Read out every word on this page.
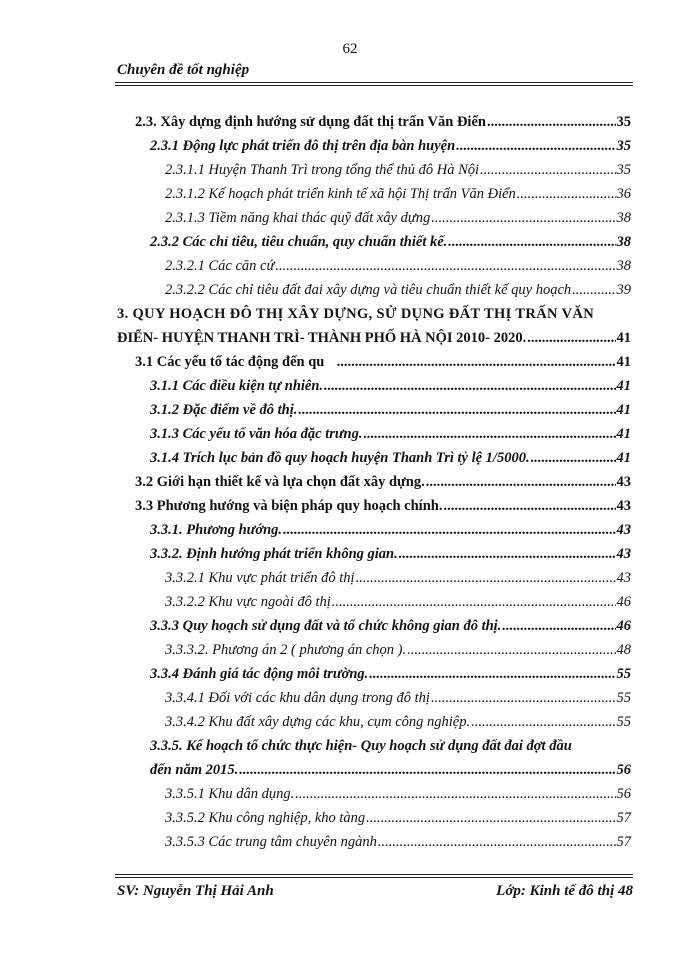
62
Chuyên đề tốt nghiệp
2.3. Xây dựng định hướng sử dụng đất thị trấn Văn Điển .....	35
2.3.1 Động lực phát triển đô thị trên địa bàn huyện .....	35
2.3.1.1 Huyện Thanh Trì trong tổng thể thủ đô Hà Nội .....	35
2.3.1.2 Kế hoạch phát triển kinh tế xã hội Thị trấn Văn Điển .....	36
2.3.1.3 Tiềm năng khai thác quỹ đất xây dựng .....	38
2.3.2 Các chỉ tiêu, tiêu chuẩn, quy chuẩn thiết kế. .....	38
2.3.2.1 Các căn cứ .....	38
2.3.2.2 Các chỉ tiêu đất đai xây dựng và tiêu chuẩn thiết kế quy hoạch .....	39
3. QUY HOẠCH ĐÔ THỊ XÂY DỰNG, SỬ DỤNG ĐẤT THỊ TRẤN VĂN
ĐIỂN- HUYỆN THANH TRÌ- THÀNH PHỐ HÀ NỘI 2010- 2020. .....	41
3.1 Các yếu tố tác động đến qu .....	41
3.1.1 Các điều kiện tự nhiên. .....	41
3.1.2 Đặc điểm về đô thị. .....	41
3.1.3 Các yếu tố văn hóa đặc trưng. .....	41
3.1.4 Trích lục bản đồ quy hoạch huyện Thanh Trì tỷ lệ 1/5000. .....	41
3.2 Giới hạn thiết kế và lựa chọn đất xây dựng. .....	43
3.3 Phương hướng và biện pháp quy hoạch chính. .....	43
3.3.1. Phương hướng. .....	43
3.3.2. Định hướng phát triển không gian. .....	43
3.3.2.1 Khu vực phát triển đô thị .....	43
3.3.2.2 Khu vực ngoài đô thị .....	46
3.3.3 Quy hoạch sử dụng đất và tổ chức không gian đô thị. .....	46
3.3.3.2. Phương án 2 ( phương án chọn ). .....	48
3.3.4 Đánh giá tác động môi trường. .....	55
3.3.4.1 Đối với các khu dân dụng trong đô thị .....	55
3.3.4.2 Khu đất xây dựng các khu, cụm công nghiệp. .....	55
3.3.5. Kế hoạch tổ chức thực hiện- Quy hoạch sử dụng đất đai đợt đầu
đến năm 2015. .....	56
3.3.5.1 Khu dân dụng. .....	56
3.3.5.2 Khu công nghiệp, kho tàng .....	57
3.3.5.3 Các trung tâm chuyên ngành .....	57
SV: Nguyễn Thị Hải Anh	Lớp: Kinh tế đô thị 48
